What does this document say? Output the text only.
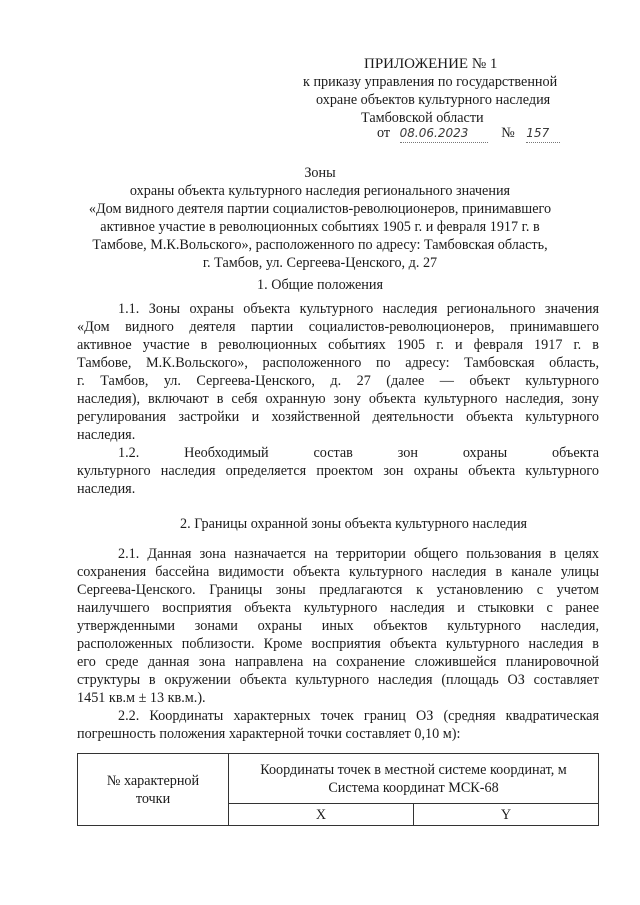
ПРИЛОЖЕНИЕ № 1
к приказу управления по государственной
охране объектов культурного наследия
Тамбовской области
от 08.06.2023 № 157
Зоны
охраны объекта культурного наследия регионального значения
«Дом видного деятеля партии социалистов-революционеров, принимавшего
активное участие в революционных событиях 1905 г. и февраля 1917 г. в
Тамбове, М.К.Вольского», расположенного по адресу: Тамбовская область,
г. Тамбов, ул. Сергеева-Ценского, д. 27
1. Общие положения
1.1. Зоны охраны объекта культурного наследия регионального значения
«Дом видного деятеля партии социалистов-революционеров, принимавшего
активное участие в революционных событиях 1905 г. и февраля 1917 г. в
Тамбове, М.К.Вольского», расположенного по адресу: Тамбовская область,
г. Тамбов, ул. Сергеева-Ценского, д. 27 (далее — объект культурного
наследия), включают в себя охранную зону объекта культурного наследия, зону
регулирования застройки и хозяйственной деятельности объекта культурного
наследия.
1.2. Необходимый состав зон охраны объекта
культурного наследия определяется проектом зон охраны объекта культурного
наследия.
2. Границы охранной зоны объекта культурного наследия
2.1. Данная зона назначается на территории общего пользования в целях
сохранения бассейна видимости объекта культурного наследия в канале улицы
Сергеева-Ценского. Границы зоны предлагаются к установлению с учетом
наилучшего восприятия объекта культурного наследия и стыковки с ранее
утвержденными зонами охраны иных объектов культурного наследия,
расположенных поблизости. Кроме восприятия объекта культурного наследия в
его среде данная зона направлена на сохранение сложившейся планировочной
структуры в окружении объекта культурного наследия (площадь ОЗ составляет
1451 кв.м ± 13 кв.м.).
2.2. Координаты характерных точек границ ОЗ (средняя квадратическая
погрешность положения характерной точки составляет 0,10 м):
№ характерной точки	Координаты точек в местной системе координат, м
Система координат МСК-68	

	X	Y
